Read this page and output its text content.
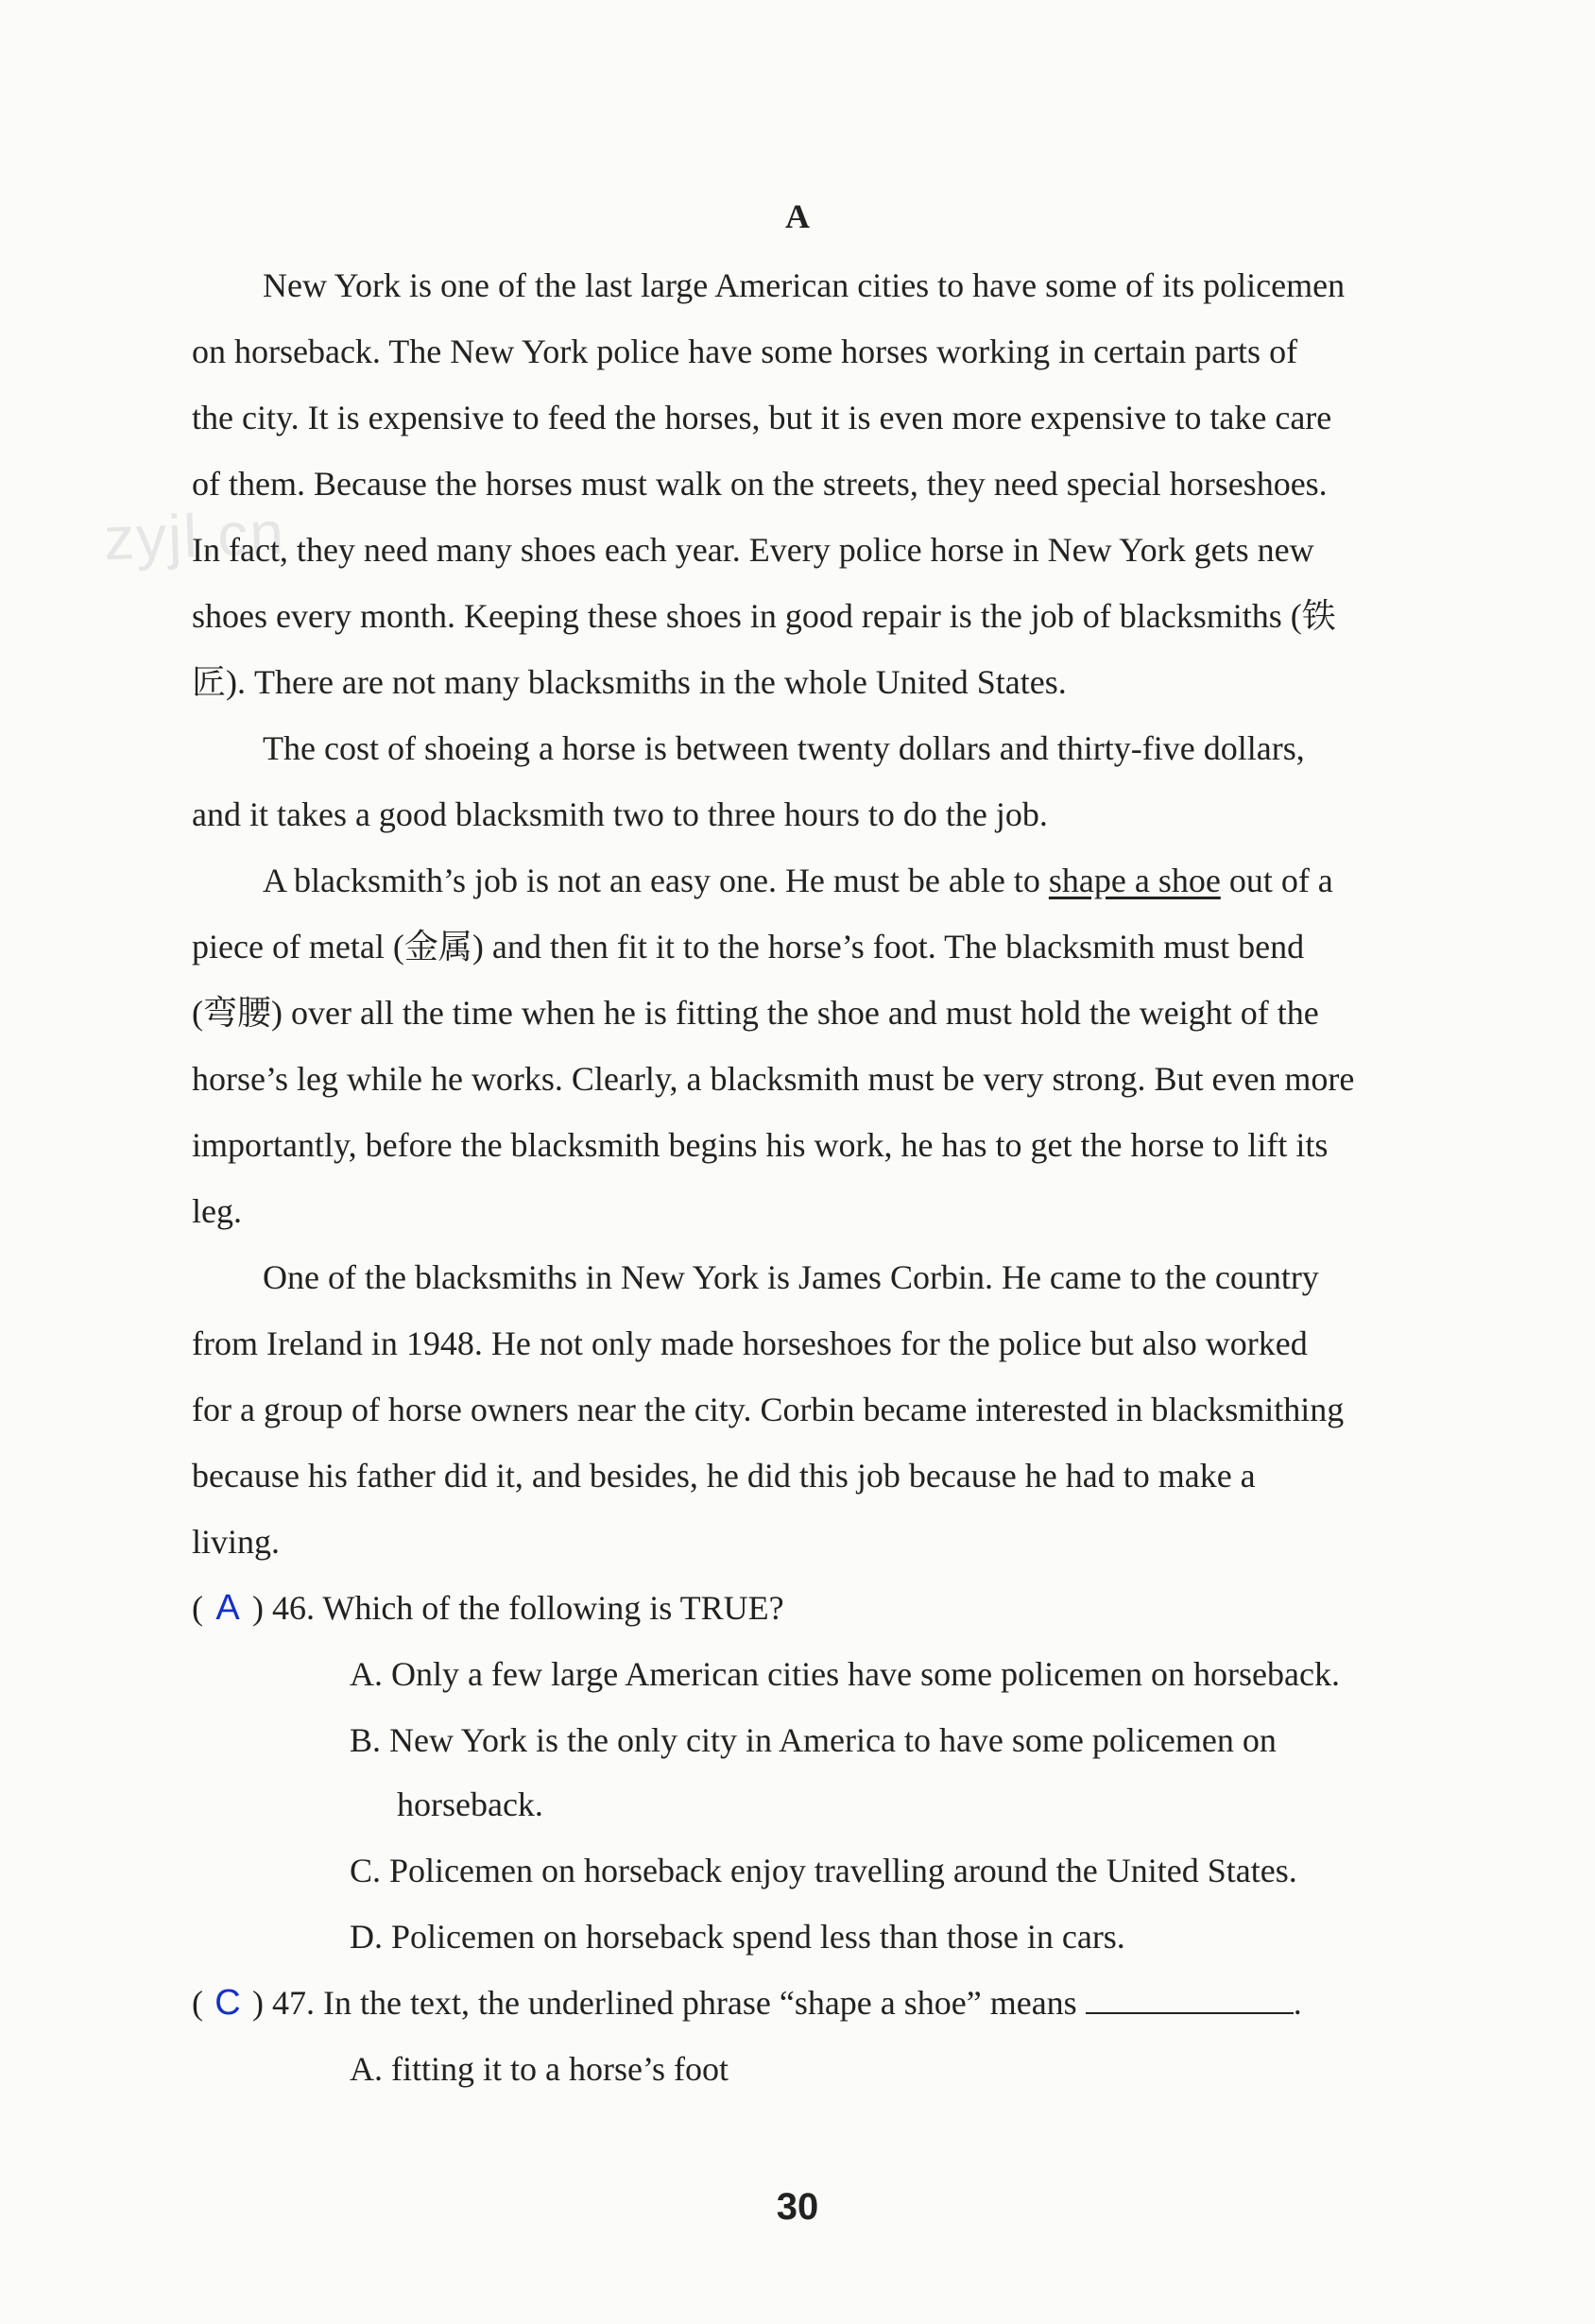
zyjl.cn
A
New York is one of the last large American cities to have some of its policemen
on horseback. The New York police have some horses working in certain parts of
the city. It is expensive to feed the horses, but it is even more expensive to take care
of them. Because the horses must walk on the streets, they need special horseshoes.
In fact, they need many shoes each year. Every police horse in New York gets new
shoes every month. Keeping these shoes in good repair is the job of blacksmiths (铁
匠). There are not many blacksmiths in the whole United States.
The cost of shoeing a horse is between twenty dollars and thirty-five dollars,
and it takes a good blacksmith two to three hours to do the job.
A blacksmith’s job is not an easy one. He must be able to shape a shoe out of a
piece of metal (金属) and then fit it to the horse’s foot. The blacksmith must bend
(弯腰) over all the time when he is fitting the shoe and must hold the weight of the
horse’s leg while he works. Clearly, a blacksmith must be very strong. But even more
importantly, before the blacksmith begins his work, he has to get the horse to lift its
leg.
One of the blacksmiths in New York is James Corbin. He came to the country
from Ireland in 1948. He not only made horseshoes for the police but also worked
for a group of horse owners near the city. Corbin became interested in blacksmithing
because his father did it, and besides, he did this job because he had to make a
living.
( A ) 46. Which of the following is TRUE?
A. Only a few large American cities have some policemen on horseback.
B. New York is the only city in America to have some policemen on
horseback.
C. Policemen on horseback enjoy travelling around the United States.
D. Policemen on horseback spend less than those in cars.
( C ) 47. In the text, the underlined phrase “shape a shoe” means	.
A. fitting it to a horse’s foot
30
